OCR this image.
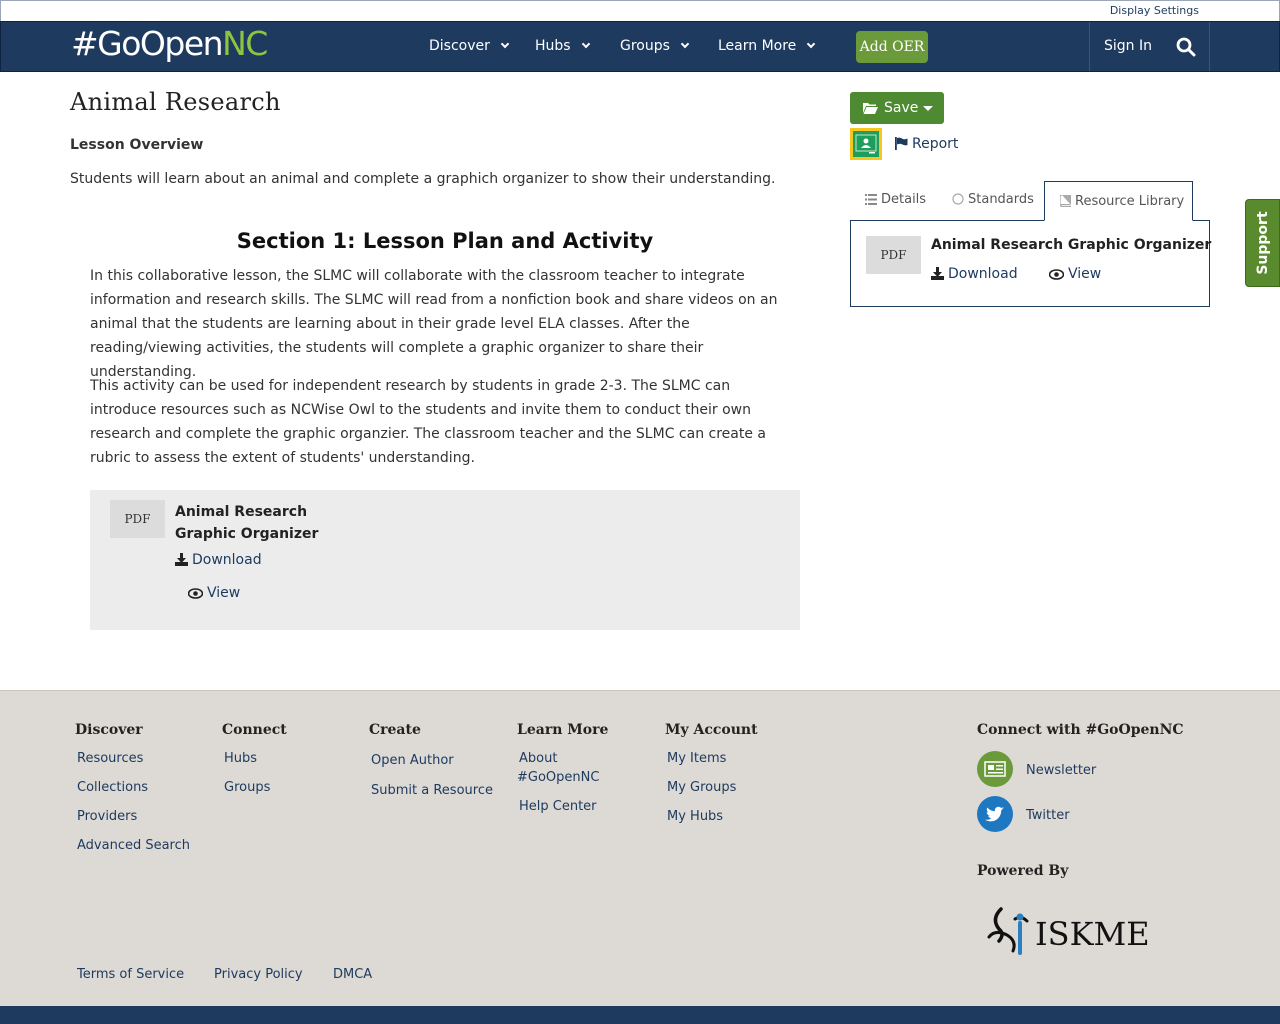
Display Settings
#GoOpenNC	Discover	Hubs	Groups	Learn More	Add OER	Sign In
Animal Research
Lesson Overview
Students will learn about an animal and complete a graphich organizer to show their understanding.
Section 1: Lesson Plan and Activity

In this collaborative lesson, the SLMC will collaborate with the classroom teacher to integrate information and research skills. The SLMC will read from a nonfiction book and share videos on an animal that the students are learning about in their grade level ELA classes. After the reading/viewing activities, the students will complete a graphic organizer to share their understanding.

This activity can be used for independent research by students in grade 2-3. The SLMC can introduce resources such as NCWise Owl to the students and invite them to conduct their own research and complete the graphic organzier. The classroom teacher and the SLMC can create a rubric to assess the extent of students' understanding.

PDF	Animal Research Graphic Organizer
Download
View
Save
Report
Details	Standards	Resource Library
PDF
Animal Research Graphic Organizer
Download	View	Support
Discover
Resources
Collections
Providers
Advanced Search
Connect
Hubs
Groups
Create
Open Author
Submit a Resource
Learn More
About
#GoOpenNC
Help Center
My Account
My Items
My Groups
My Hubs
Connect with #GoOpenNC
Newsletter
Twitter
Powered By
ISKME
Terms of Service Privacy Policy DMCA
